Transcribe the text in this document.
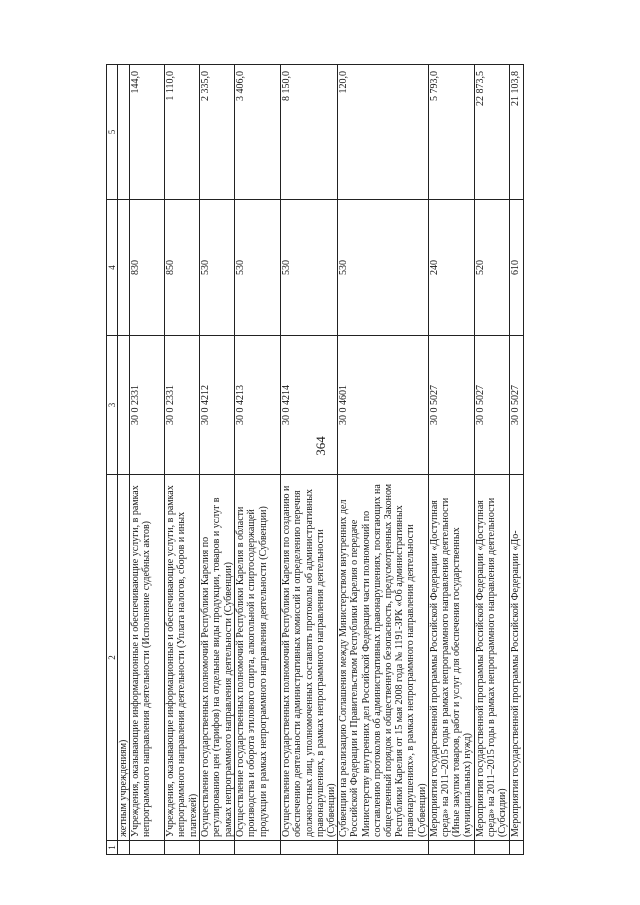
364
1	2	3	4	5
	жетным учреждениям)			
	Учреждения, оказывающие информационные и обеспечивающие услуги, в рамках непрограммного направления деятельности (Исполнение судебных актов)	30 0 2331	830	144,0
	Учреждения, оказывающие информационные и обеспечивающие услуги, в рамках непрограммного направления деятельности (Уплата налогов, сборов и иных платежей)	30 0 2331	850	1 110,0
	Осуществление государственных полномочий Республики Карелия по регулированию цен (тарифов) на отдельные виды продукции, товаров и услуг в рамках непрограммного направления деятельности (Субвенции)	30 0 4212	530	2 335,0
	Осуществление государственных полномочий Республики Карелия в области производства и оборота этилового спирта, алкогольной и спиртосодержащей продукции в рамках непрограммного направления деятельности (Субвенции)	30 0 4213	530	3 406,0
	Осуществление государственных полномочий Республики Карелия по созданию и обеспечению деятельности административных комиссий и определению перечня должностных лиц, уполномоченных составлять протоколы об административных правонарушениях, в рамках непрограммного направления деятельности (Субвенции)	30 0 4214	530	8 150,0
	Субвенции на реализацию Соглашения между Министерством внутренних дел Российской Федерации и Правительством Республики Карелия о передаче Министерству внутренних дел Российской Федерации части полномочий по составлению протоколов об административных правонарушениях, посягающих на общественный порядок и общественную безопасность, предусмотренных Законом Республики Карелия от 15 мая 2008 года № 1191-ЗРК «Об административных правонарушениях», в рамках непрограммного направления деятельности (Субвенции)	30 0 4601	530	120,0
	Мероприятия государственной программы Российской Федерации «Доступная среда» на 2011–2015 годы в рамках непрограммного направления деятельности (Иные закупки товаров, работ и услуг для обеспечения государственных (муниципальных) нужд)	30 0 5027	240	5 793,0
	Мероприятия государственной программы Российской Федерации «Доступная среда» на 2011–2015 годы в рамках непрограммного направления деятельности (Субсидии)	30 0 5027	520	22 873,5
	Мероприятия государственной программы Российской Федерации «До-	30 0 5027	610	21 103,8
